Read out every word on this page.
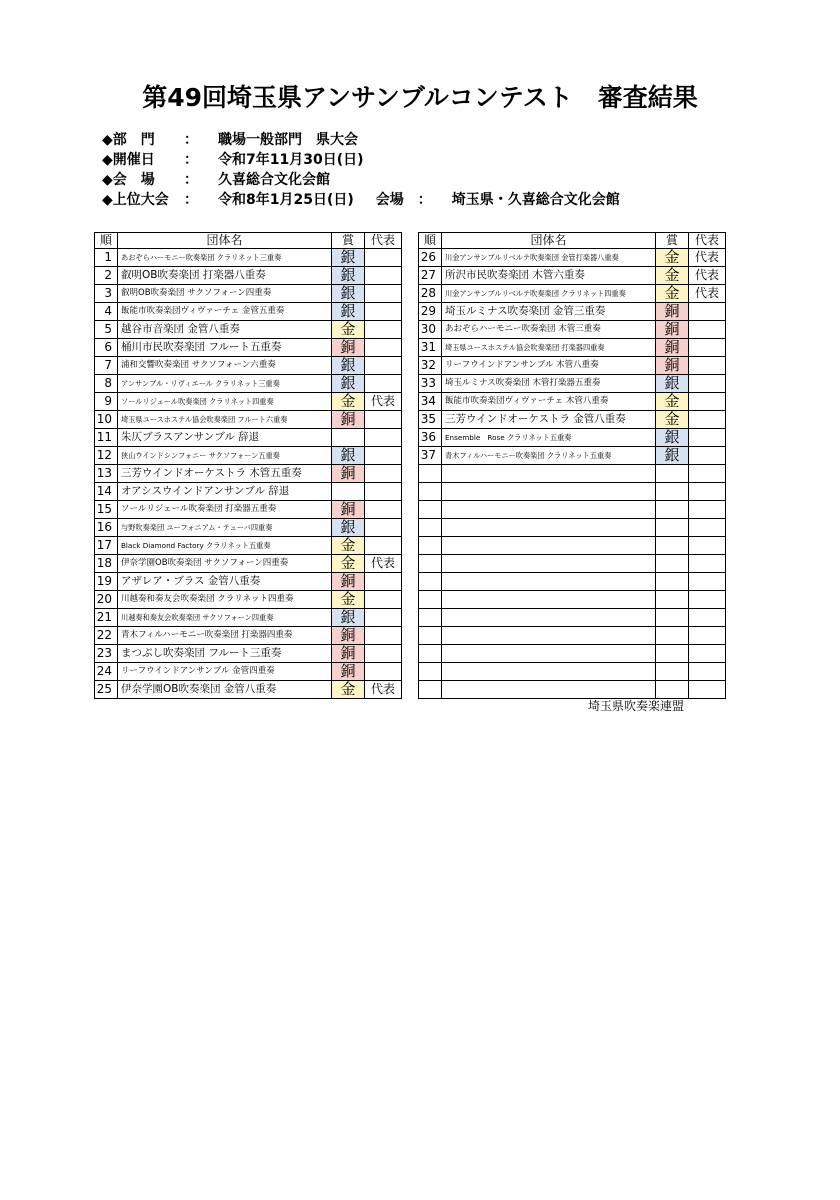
第49回埼玉県アンサンブルコンテスト　審査結果
◆部　門 ： 職場一般部門　県大会
◆開催日 ： 令和7年11月30日(日)
◆会　場 ： 久喜総合文化会館
◆上位大会 ： 令和8年1月25日(日) 会場 ： 埼玉県・久喜総合文化会館
順	団体名	賞	代表
1	あおぞらハーモニー吹奏楽団 クラリネット三重奏	銀	
2	叡明OB吹奏楽団 打楽器八重奏	銀	
3	叡明OB吹奏楽団 サクソフォーン四重奏	銀	
4	飯能市吹奏楽団ヴィヴァーチェ 金管五重奏	銀	
5	越谷市音楽団 金管八重奏	金	
6	桶川市民吹奏楽団 フルート五重奏	銅	
7	浦和交響吹奏楽団 サクソフォーン六重奏	銀	
8	アンサンブル・リヴィエール クラリネット三重奏	銀	
9	ソールリジェール吹奏楽団 クラリネット四重奏	金	代表
10	埼玉県ユースホステル協会吹奏楽団 フルート六重奏	銅	
11	朱仄ブラスアンサンブル 辞退		
12	狭山ウインドシンフォニー サクソフォーン五重奏	銀	
13	三芳ウインドオーケストラ 木管五重奏	銅	
14	オアシスウインドアンサンブル 辞退		
15	ソールリジェール吹奏楽団 打楽器五重奏	銅	
16	与野吹奏楽団 ユーフォニアム・テューバ四重奏	銀	
17	Black Diamond Factory クラリネット五重奏	金	
18	伊奈学園OB吹奏楽団 サクソフォーン四重奏	金	代表
19	アザレア・ブラス 金管八重奏	銅	
20	川越奏和奏友会吹奏楽団 クラリネット四重奏	金	
21	川越奏和奏友会吹奏楽団 サクソフォーン四重奏	銀	
22	青木フィルハーモニー吹奏楽団 打楽器四重奏	銅	
23	まつぶし吹奏楽団 フルート三重奏	銅	
24	リーフウインドアンサンブル 金管四重奏	銅	
25	伊奈学園OB吹奏楽団 金管八重奏	金	代表
順	団体名	賞	代表
26	川金アンサンブルリベルテ吹奏楽団 金管打楽器八重奏	金	代表
27	所沢市民吹奏楽団 木管六重奏	金	代表
28	川金アンサンブルリベルテ吹奏楽団 クラリネット四重奏	金	代表
29	埼玉ルミナス吹奏楽団 金管三重奏	銅	
30	あおぞらハーモニー吹奏楽団 木管三重奏	銅	
31	埼玉県ユースホステル協会吹奏楽団 打楽器四重奏	銅	
32	リーフウインドアンサンブル 木管八重奏	銅	
33	埼玉ルミナス吹奏楽団 木管打楽器五重奏	銀	
34	飯能市吹奏楽団ヴィヴァーチェ 木管八重奏	金	
35	三芳ウインドオーケストラ 金管八重奏	金	
36	Ensemble　Rose クラリネット五重奏	銀	
37	青木フィルハーモニー吹奏楽団 クラリネット五重奏	銀	

埼玉県吹奏楽連盟
